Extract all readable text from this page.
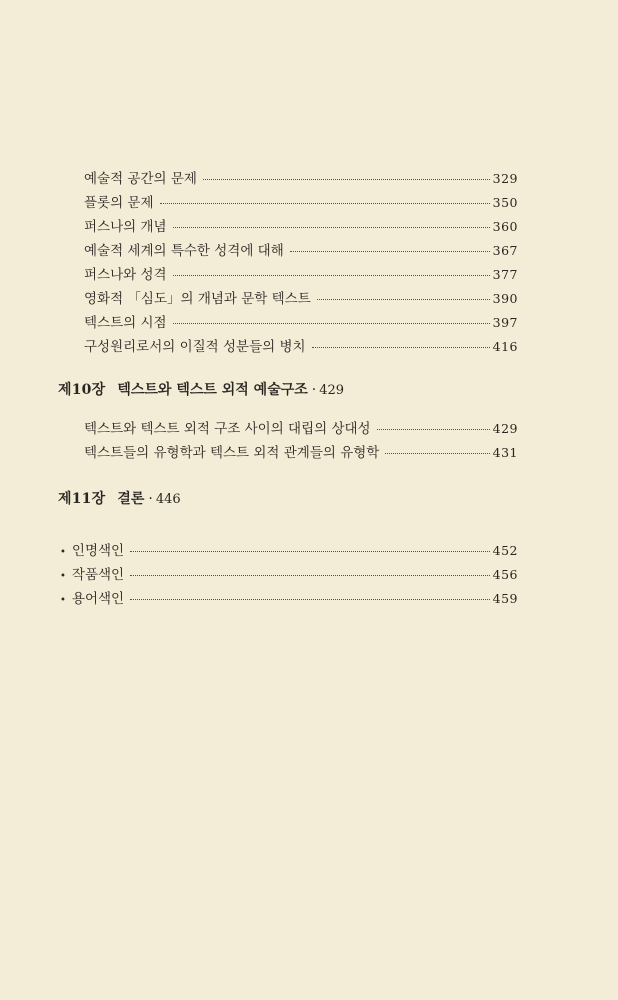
예술적 공간의 문제	329
플롯의 문제	350
퍼스나의 개념	360
예술적 세계의 특수한 성격에 대해	367
퍼스나와 성격	377
영화적 「심도」의 개념과 문학 텍스트	390
텍스트의 시점	397
구성원리로서의 이질적 성분들의 병치	416
제10장 텍스트와 텍스트 외적 예술구조 · 429
텍스트와 텍스트 외적 구조 사이의 대립의 상대성	429
텍스트들의 유형학과 텍스트 외적 관계들의 유형학	431
제11장 결론 · 446
• 인명색인	452
• 작품색인	456
• 용어색인	459
